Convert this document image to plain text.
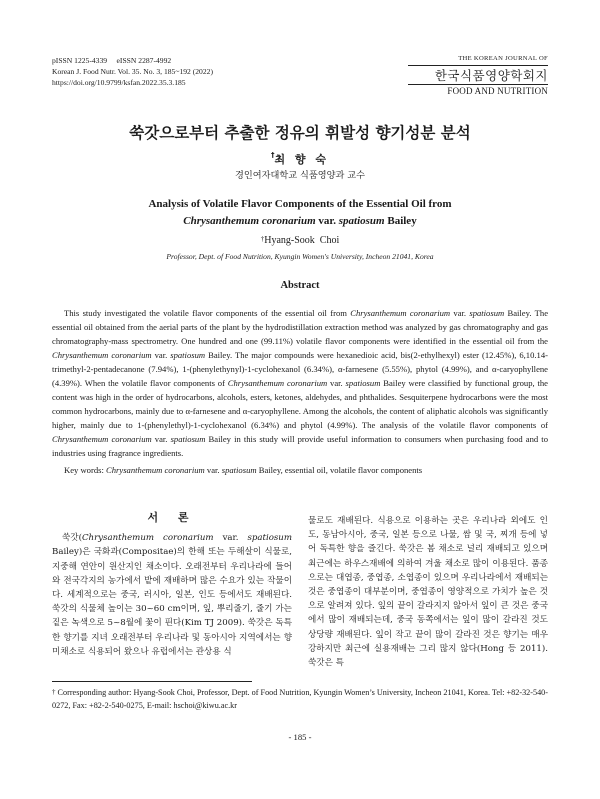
pISSN 1225-4339     eISSN 2287-4992
Korean J. Food Nutr. Vol. 35. No. 3, 185~192 (2022)
https://doi.org/10.9799/ksfan.2022.35.3.185
THE KOREAN JOURNAL OF
한국식품영양학회지
FOOD AND NUTRITION
쑥갓으로부터 추출한 정유의 휘발성 향기성분 분석
†최 향 숙
경인여자대학교 식품영양과 교수
Analysis of Volatile Flavor Components of the Essential Oil from
Chrysanthemum coronarium var. spatiosum Bailey
†Hyang-Sook  Choi
Professor, Dept. of Food Nutrition, Kyungin Women's University, Incheon 21041, Korea
Abstract
This study investigated the volatile flavor components of the essential oil from Chrysanthemum coronarium var. spatiosum Bailey. The essential oil obtained from the aerial parts of the plant by the hydrodistillation extraction method was analyzed by gas chromatography and gas chromatography-mass spectrometry. One hundred and one (99.11%) volatile flavor components were identified in the essential oil from the Chrysanthemum coronarium var. spatiosum Bailey. The major compounds were hexanedioic acid, bis(2-ethylhexyl) ester (12.45%), 6,10.14-trimethyl-2-pentadecanone (7.94%), 1-(phenylethynyl)-1-cyclohexanol (6.34%), α-farnesene (5.55%), phytol (4.99%), and α-caryophyllene (4.39%). When the volatile flavor components of Chrysanthemum coronarium var. spatiosum Bailey were classified by functional group, the content was high in the order of hydrocarbons, alcohols, esters, ketones, aldehydes, and phthalides. Sesquiterpene hydrocarbons were the most common hydrocarbons, mainly due to α-farnesene and α-caryophyllene. Among the alcohols, the content of aliphatic alcohols was significantly higher, mainly due to 1-(phenylethyl)-1-cyclohexanol (6.34%) and phytol (4.99%). The analysis of the volatile flavor components of Chrysanthemum coronarium var. spatiosum Bailey in this study will provide useful information to consumers when purchasing food and to industries using fragrance ingredients.
Key words: Chrysanthemum coronarium var. spatiosum Bailey, essential oil, volatile flavor components
서 론
쑥갓(Chrysanthemum coronarium var. spatiosum Bailey)은 국화과(Compositae)의 한해 또는 두해살이 식물로, 지중해 연안이 원산지인 채소이다. 오래전부터 우리나라에 들어와 전국각지의 농가에서 밭에 재배하며 많은 수요가 있는 작물이다. 세계적으로는 중국, 러시아, 일본, 인도 등에서도 재배된다. 쑥갓의 식물체 높이는 30~60 cm이며, 잎, 뿌리줄기, 줄기 가는 짙은 녹색으로 5~8월에 꽃이 핀다(Kim TJ 2009). 쑥갓은 독특한 향기를 지녀 오래전부터 우리나라 및 동아시아 지역에서는 향미채소로 식용되어 왔으나 유럽에서는 관상용 식
물로도 재배된다. 식용으로 이용하는 곳은 우리나라 외에도 인도, 동남아시아, 중국, 일본 등으로 나물, 쌈 및 국, 찌개 등에 넣어 독특한 향을 즐긴다. 쑥갓은 봄 채소로 널리 재배되고 있으며 최근에는 하우스재배에 의하여 겨울 채소로 많이 이용된다. 품종으로는 대엽종, 중엽종, 소엽종이 있으며 우리나라에서 재배되는 것은 중엽종이 대부분이며, 중엽종이 영양적으로 가치가 높은 것으로 알려져 있다. 잎의 끝이 갈라지지 않아서 잎이 큰 것은 중국에서 많이 재배되는데, 중국 동쪽에서는 잎이 많이 갈라진 것도 상당량 재배된다. 잎이 작고 끝이 많이 갈라진 것은 향기는 매우 강하지만 최근에 실용재배는 그리 많지 않다(Hong 등 2011). 쑥갓은 특
† Corresponding author: Hyang-Sook Choi, Professor, Dept. of Food Nutrition, Kyungin Women’s University, Incheon 21041, Korea. Tel: +82-32-540-0272, Fax: +82-2-540-0275, E-mail: hschoi@kiwu.ac.kr
- 185 -
